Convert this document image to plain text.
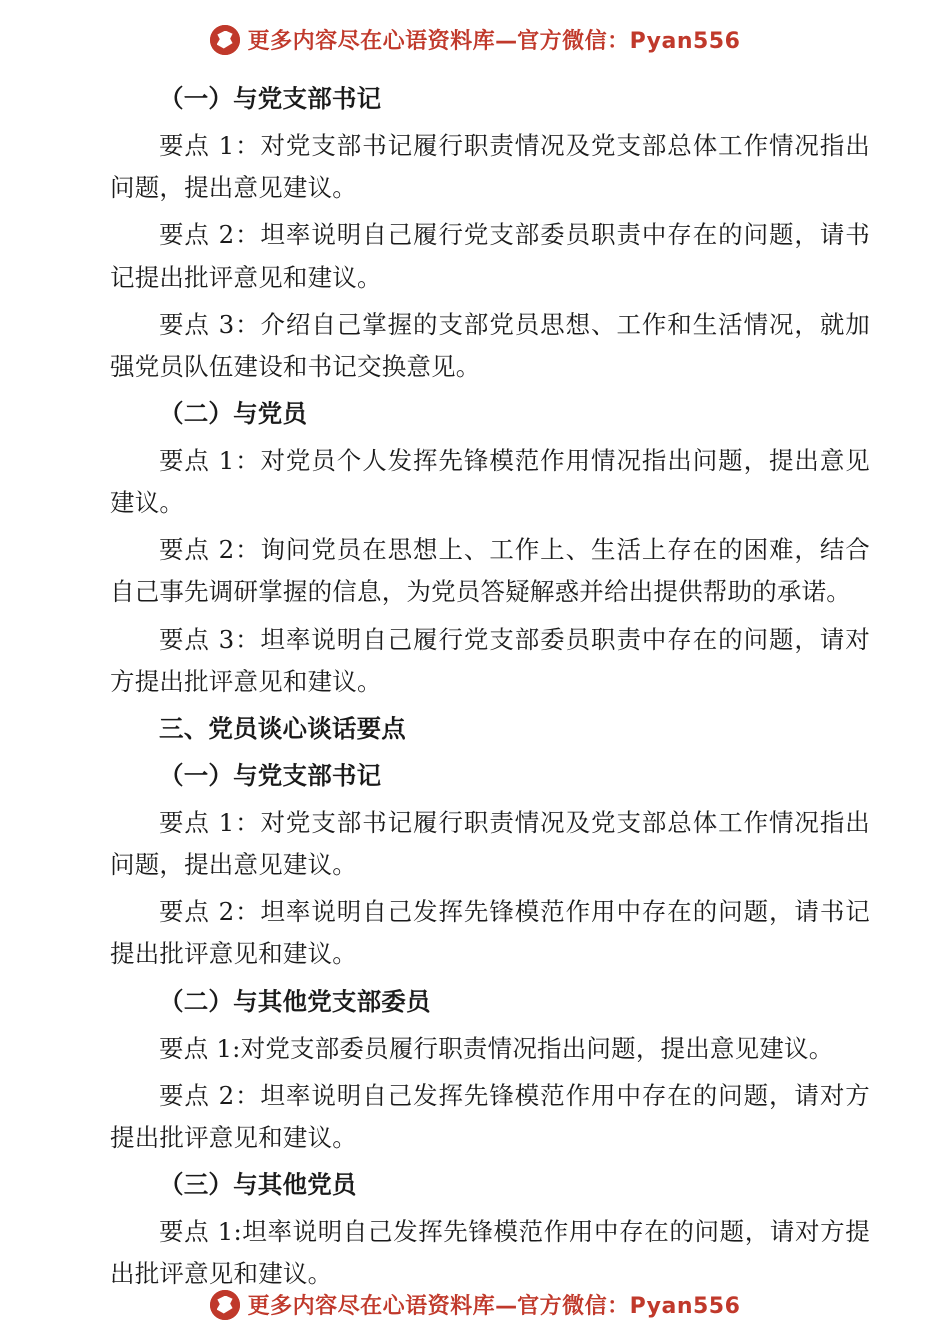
更多内容尽在心语资料库—官方微信：Pyan556

（一）与党支部书记

要点 1：对党支部书记履行职责情况及党支部总体工作情况指出问题，提出意见建议。

要点 2：坦率说明自己履行党支部委员职责中存在的问题，请书记提出批评意见和建议。

要点 3：介绍自己掌握的支部党员思想、工作和生活情况，就加强党员队伍建设和书记交换意见。

（二）与党员

要点 1：对党员个人发挥先锋模范作用情况指出问题，提出意见建议。

要点 2：询问党员在思想上、工作上、生活上存在的困难，结合自己事先调研掌握的信息，为党员答疑解惑并给出提供帮助的承诺。

要点 3：坦率说明自己履行党支部委员职责中存在的问题，请对方提出批评意见和建议。

三、党员谈心谈话要点

（一）与党支部书记

要点 1：对党支部书记履行职责情况及党支部总体工作情况指出问题，提出意见建议。

要点 2：坦率说明自己发挥先锋模范作用中存在的问题，请书记提出批评意见和建议。

（二）与其他党支部委员

要点 1:对党支部委员履行职责情况指出问题，提出意见建议。

要点 2：坦率说明自己发挥先锋模范作用中存在的问题，请对方提出批评意见和建议。

（三）与其他党员

要点 1:坦率说明自己发挥先锋模范作用中存在的问题，请对方提出批评意见和建议。

更多内容尽在心语资料库—官方微信：Pyan556
